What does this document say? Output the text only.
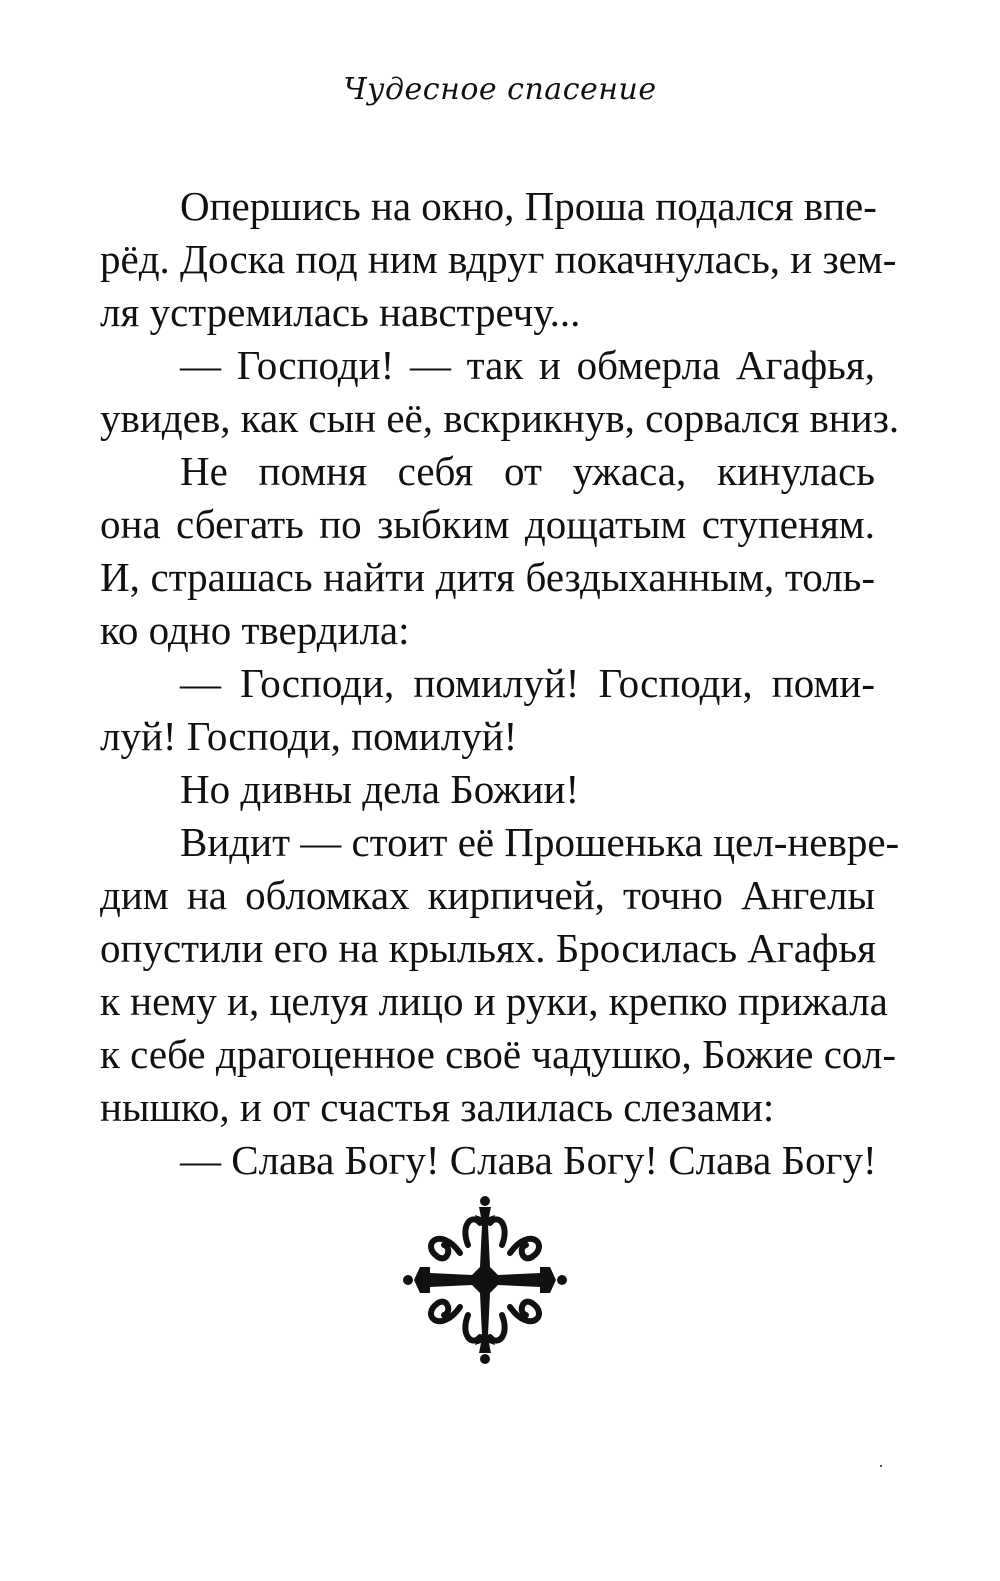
Чудесное спасение
Опершись на окно, Проша подался впе-
рёд. Доска под ним вдруг покачнулась, и зем-
ля устремилась навстречу...
— Господи! — так и обмерла Агафья,
увидев, как сын её, вскрикнув, сорвался вниз.
Не помня себя от ужаса, кинулась
она сбегать по зыбким дощатым ступеням.
И, страшась найти дитя бездыханным, толь-
ко одно твердила:
— Господи, помилуй! Господи, поми-
луй! Господи, помилуй!
Но дивны дела Божии!
Видит — стоит её Прошенька цел-невре-
дим на обломках кирпичей, точно Ангелы
опустили его на крыльях. Бросилась Агафья
к нему и, целуя лицо и руки, крепко прижала
к себе драгоценное своё чадушко, Божие сол-
нышко, и от счастья залилась слезами:
— Слава Богу! Слава Богу! Слава Богу!
